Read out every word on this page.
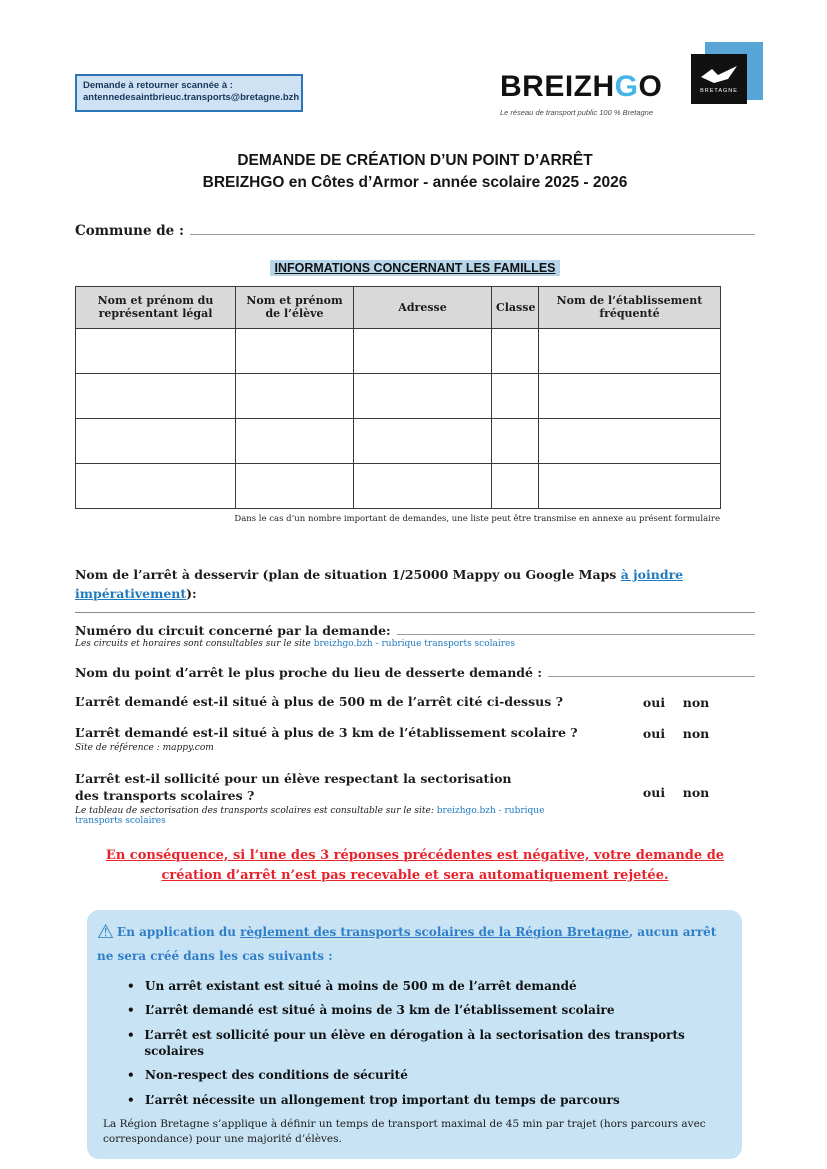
Demande à retourner scannée à :
antennedesaintbrieuc.transports@bretagne.bzh	BREIZHGO
Le réseau de transport public 100 % Bretagne
BRETAGNE
DEMANDE DE CRÉATION D’UN POINT D’ARRÊT
BREIZHGO en Côtes d’Armor - année scolaire 2025 - 2026
Commune de :
INFORMATIONS CONCERNANT LES FAMILLES
Nom et prénom du représentant légal	Nom et prénom de l’élève	Adresse	Classe	Nom de l’établissement fréquenté

Dans le cas d’un nombre important de demandes, une liste peut être transmise en annexe au présent formulaire
Nom de l’arrêt à desservir (plan de situation 1/25000 Mappy ou Google Maps à joindre impérativement):
Numéro du circuit concerné par la demande:
Les circuits et horaires sont consultables sur le site breizhgo.bzh - rubrique transports scolaires
Nom du point d’arrêt le plus proche du lieu de desserte demandé :
L’arrêt demandé est-il situé à plus de 500 m de l’arrêt cité ci-dessus ?	oui	non
L’arrêt demandé est-il situé à plus de 3 km de l’établissement scolaire ?
Site de référence : mappy.com
oui	non
L’arrêt est-il sollicité pour un élève respectant la sectorisation des transports scolaires ?
Le tableau de sectorisation des transports scolaires est consultable sur le site: breizhgo.bzh - rubrique transports scolaires
oui	non
En conséquence, si l’une des 3 réponses précédentes est négative, votre demande de création d’arrêt n’est pas recevable et sera automatiquement rejetée.
⚠ En application du règlement des transports scolaires de la Région Bretagne, aucun arrêt ne sera créé dans les cas suivants :
• Un arrêt existant est situé à moins de 500 m de l’arrêt demandé
• L’arrêt demandé est situé à moins de 3 km de l’établissement scolaire
• L’arrêt est sollicité pour un élève en dérogation à la sectorisation des transports scolaires
• Non-respect des conditions de sécurité
• L’arrêt nécessite un allongement trop important du temps de parcours
La Région Bretagne s’applique à définir un temps de transport maximal de 45 min par trajet (hors parcours avec correspondance) pour une majorité d’élèves.
